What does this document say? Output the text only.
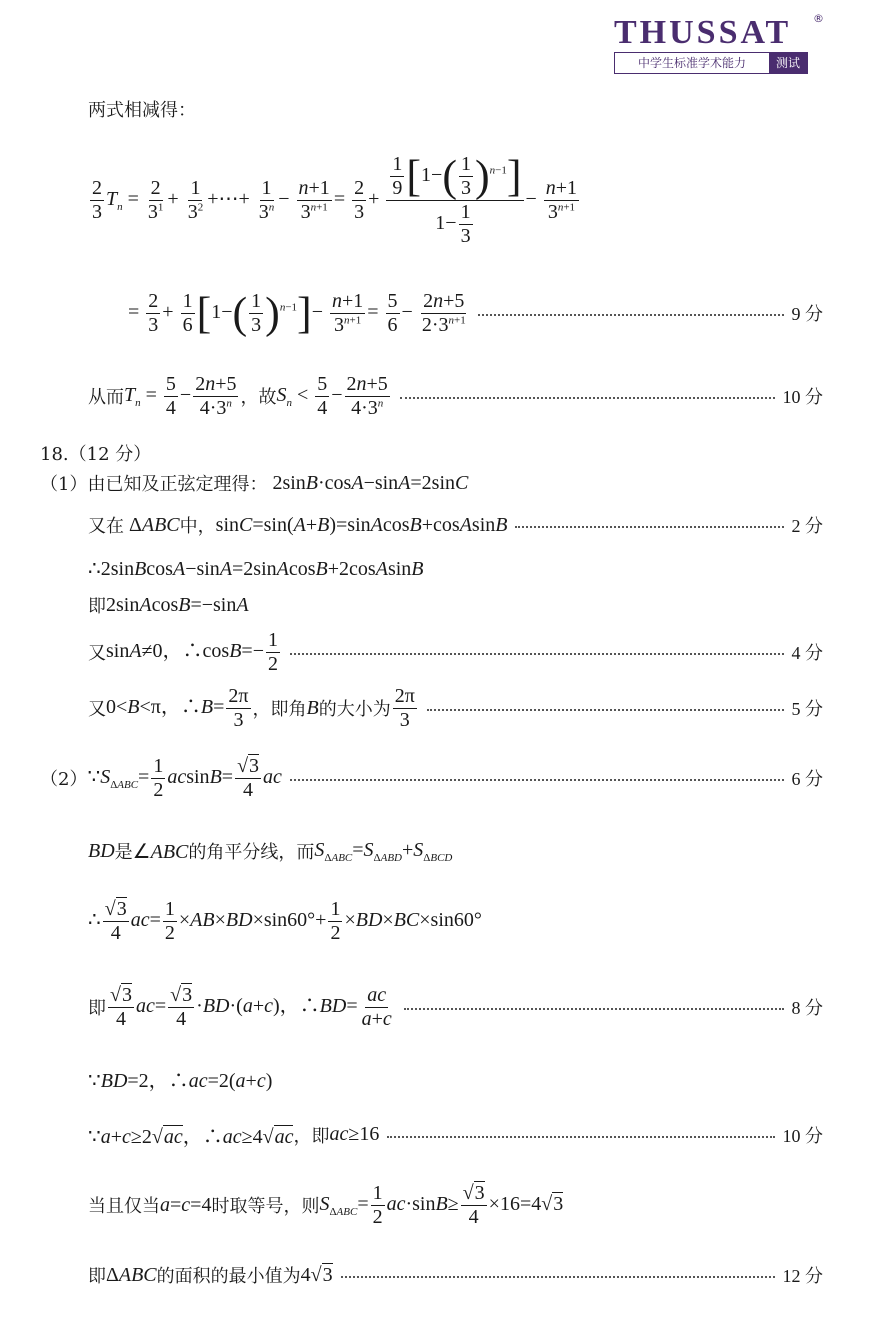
THUSSAT	®
中学生标准学术能力	测试
两式相减得：
$\frac{2}{3} T_n = \frac{2}{3^1} + \frac{1}{3^2}$ +⋯+ $\frac{1}{3^n} - \frac{n+1}{3^{n+1}} = \frac{2}{3} + \frac{\frac{1}{9} [1-( \frac{1}{3} )^{n-1}]}{1- \frac{1}{3}} - \frac{n+1}{3^{n+1}}$
= $\frac{2}{3} + \frac{1}{6} [1-( \frac{1}{3} )^{n-1}]- \frac{n+1}{3^{n+1}} = \frac{5}{6} - \frac{2n+5}{2\cdot 3^{n+1}}$	9 分
从而 $T_n = \frac{5}{4} - \frac{2n+5}{4\cdot 3^n}$ ，故 $S_n < \frac{5}{4} - \frac{2n+5}{4\cdot 3^n}$	10 分
18.（12 分）
（1） 由已知及正弦定理得： 2sinB·cosA−sinA=2sinC
又在 ΔABC 中， sinC=sin(A+B)=sinAcosB+cosAsinB	2 分
∴2sinBcosA−sinA=2sinAcosB+2cosAsinB
即 2sinAcosB=−sinA
又 sinA≠0，∴cosB=− $\frac{1}{2}$	4 分
又 0<B<π，∴B= $\frac{2\pi}{3}$ ，即角 B 的大小为 $\frac{2\pi}{3}$	5 分
（2） $\because S_{\Delta ABC}= \frac{1}{2} acsinB= \frac{√3}{4}$ ac	6 分
BD 是 ∠ABC 的角平分线，而 $S_{\Delta ABC}=S_{\Delta ABD}+S_{\Delta BCD}$
∴ $\frac{√3}{4} ac= \frac{1}{2} \times AB\times BD\times\sin 60^\circ+ \frac{1}{2} \times BD\times BC\times\sin 60^\circ$
即 $\frac{√3}{4} ac= \frac{√3}{4} \cdot BD\cdot(a+c)$，∴BD= $\frac{ac}{a+c}$	8 分
∵BD=2，∴ac=2(a+c)
∵a+c≥2√ac，∴ac≥4√ac ，即 ac≥16	10 分
当且仅当 a=c=4 时取等号，则 $S_{\Delta ABC}= \frac{1}{2} ac\cdot\sin B\ge \frac{√3}{4} \times 16=4√3$
即 ΔABC 的面积的最小值为 4√3	12 分
